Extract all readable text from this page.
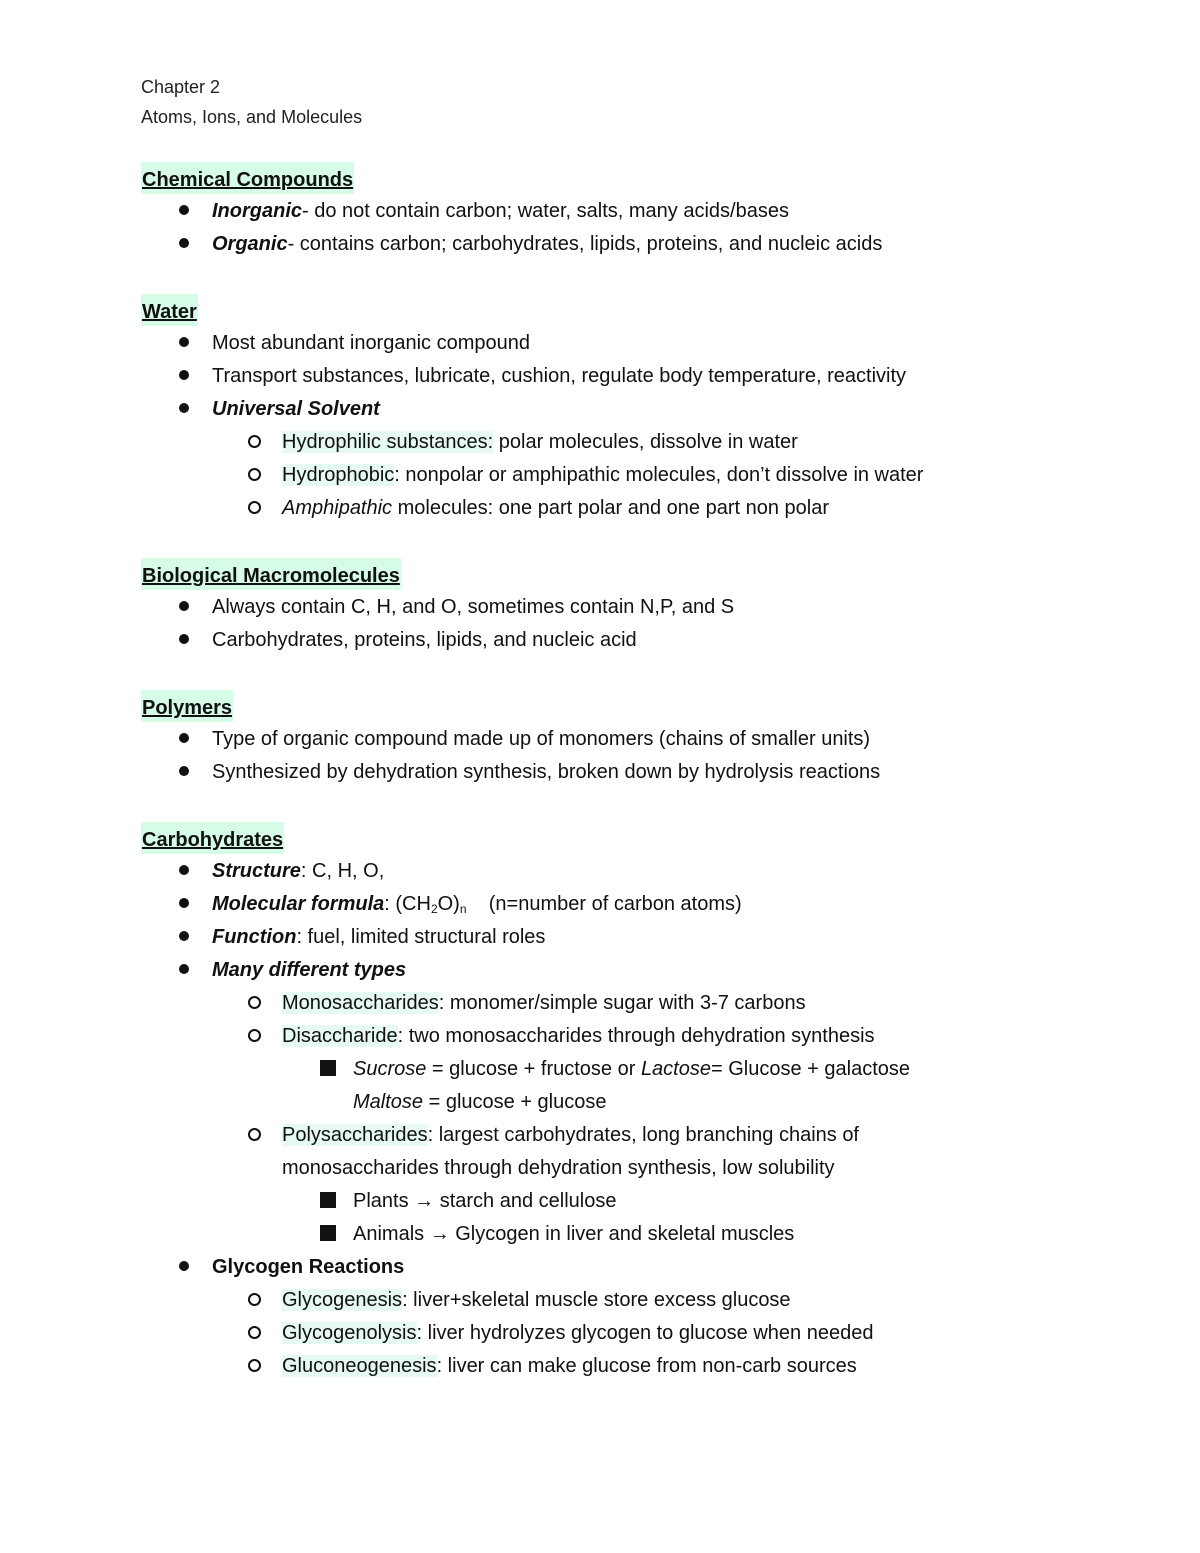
Chapter 2
Atoms, Ions, and Molecules
Chemical Compounds
Inorganic- do not contain carbon; water, salts, many acids/bases
Organic- contains carbon; carbohydrates, lipids, proteins, and nucleic acids
Water
Most abundant inorganic compound
Transport substances, lubricate, cushion, regulate body temperature, reactivity
Universal Solvent
Hydrophilic substances: polar molecules, dissolve in water
Hydrophobic: nonpolar or amphipathic molecules, don’t dissolve in water
Amphipathic molecules: one part polar and one part non polar
Biological Macromolecules
Always contain C, H, and O, sometimes contain N,P, and S
Carbohydrates, proteins, lipids, and nucleic acid
Polymers
Type of organic compound made up of monomers (chains of smaller units)
Synthesized by dehydration synthesis, broken down by hydrolysis reactions
Carbohydrates
Structure: C, H, O,
Molecular formula: $(CH_2O)_n$ (n=number of carbon atoms)
Function: fuel, limited structural roles
Many different types
Monosaccharides: monomer/simple sugar with 3-7 carbons
Disaccharide: two monosaccharides through dehydration synthesis
Sucrose = glucose + fructose or Lactose= Glucose + galactose
Maltose = glucose + glucose
Polysaccharides: largest carbohydrates, long branching chains of
monosaccharides through dehydration synthesis, low solubility
Plants → starch and cellulose
Animals → Glycogen in liver and skeletal muscles
Glycogen Reactions
Glycogenesis: liver+skeletal muscle store excess glucose
Glycogenolysis: liver hydrolyzes glycogen to glucose when needed
Gluconeogenesis: liver can make glucose from non-carb sources
